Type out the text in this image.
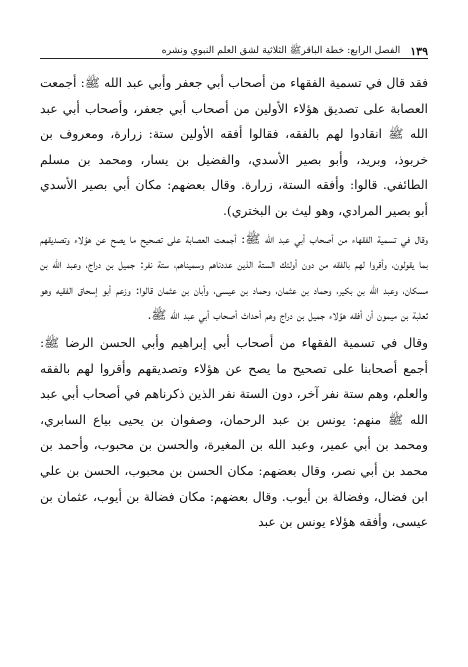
١٣٩
الفصل الرابع: خطة الباقرﷺ الثلاثية لشق العلم النبوي ونشره

فقد قال في تسمية الفقهاء من أصحاب أبي جعفر وأبي عبد الله ﷺ: أجمعت العصابة على تصديق هؤلاء الأولين من أصحاب أبي جعفر، وأصحاب أبي عبد الله ﷺ انقادوا لهم بالفقه، فقالوا أفقه الأولين ستة: زرارة، ومعروف بن خربوذ، وبريد، وأبو بصير الأسدي، والفضيل بن يسار، ومحمد بن مسلم الطائفي. قالوا: وأفقه الستة، زرارة. وقال بعضهم: مكان أبي بصير الأسدي أبو بصير المرادي، وهو ليث بن البختري).

وقال في تسمية الفقهاء من أصحاب أبي عبد الله ﷺ: أجمعت العصابة على تصحيح ما يصح عن هؤلاء وتصديقهم بما يقولون، وأقروا لهم بالفقه من دون أولئك الستة الذين عددناهم وسميناهم، ستة نفر: جميل بن دراج، وعبد الله بن مسكان، وعبد الله بن بكير، وحماد بن عثمان، وحماد بن عيسى، وأبان بن عثمان قالوا: وزعم أبو إسحاق الفقيه وهو ثعلبة بن ميمون أن أفقه هؤلاء جميل بن دراج وهم أحداث أصحاب أبي عبد الله ﷺ.

وقال في تسمية الفقهاء من أصحاب أبي إبراهيم وأبي الحسن الرضا ﷺ: أجمع أصحابنا على تصحيح ما يصح عن هؤلاء وتصديقهم وأقروا لهم بالفقه والعلم، وهم ستة نفر آخر، دون الستة نفر الذين ذكرناهم في أصحاب أبي عبد الله ﷺ منهم: يونس بن عبد الرحمان، وصفوان بن يحيى بياع السابري، ومحمد بن أبي عمير، وعبد الله بن المغيرة، والحسن بن محبوب، وأحمد بن محمد بن أبي نصر، وقال بعضهم: مكان الحسن بن محبوب، الحسن بن علي ابن فضال، وفضالة بن أيوب. وقال بعضهم: مكان فضالة بن أيوب، عثمان بن عيسى، وأفقه هؤلاء يونس بن عبد
